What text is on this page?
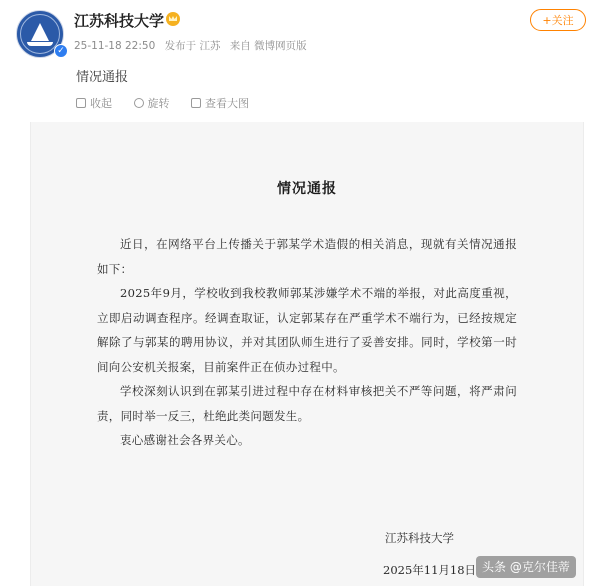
✓
江苏科技大学
25-11-18 22:50 发布于 江苏 来自 微博网页版
+关注
情况通报
收起	旋转	查看大图
情况通报

近日，在网络平台上传播关于郭某学术造假的相关消息，现就有关情况通报如下：

2025年9月，学校收到我校教师郭某涉嫌学术不端的举报，对此高度重视，立即启动调查程序。经调查取证，认定郭某存在严重学术不端行为，已经按规定解除了与郭某的聘用协议，并对其团队师生进行了妥善安排。同时，学校第一时间向公安机关报案，目前案件正在侦办过程中。

学校深刻认识到在郭某引进过程中存在材料审核把关不严等问题，将严肃问责，同时举一反三，杜绝此类问题发生。

衷心感谢社会各界关心。

江苏科技大学
2025年11月18日 头条 @克尔佳蒂
